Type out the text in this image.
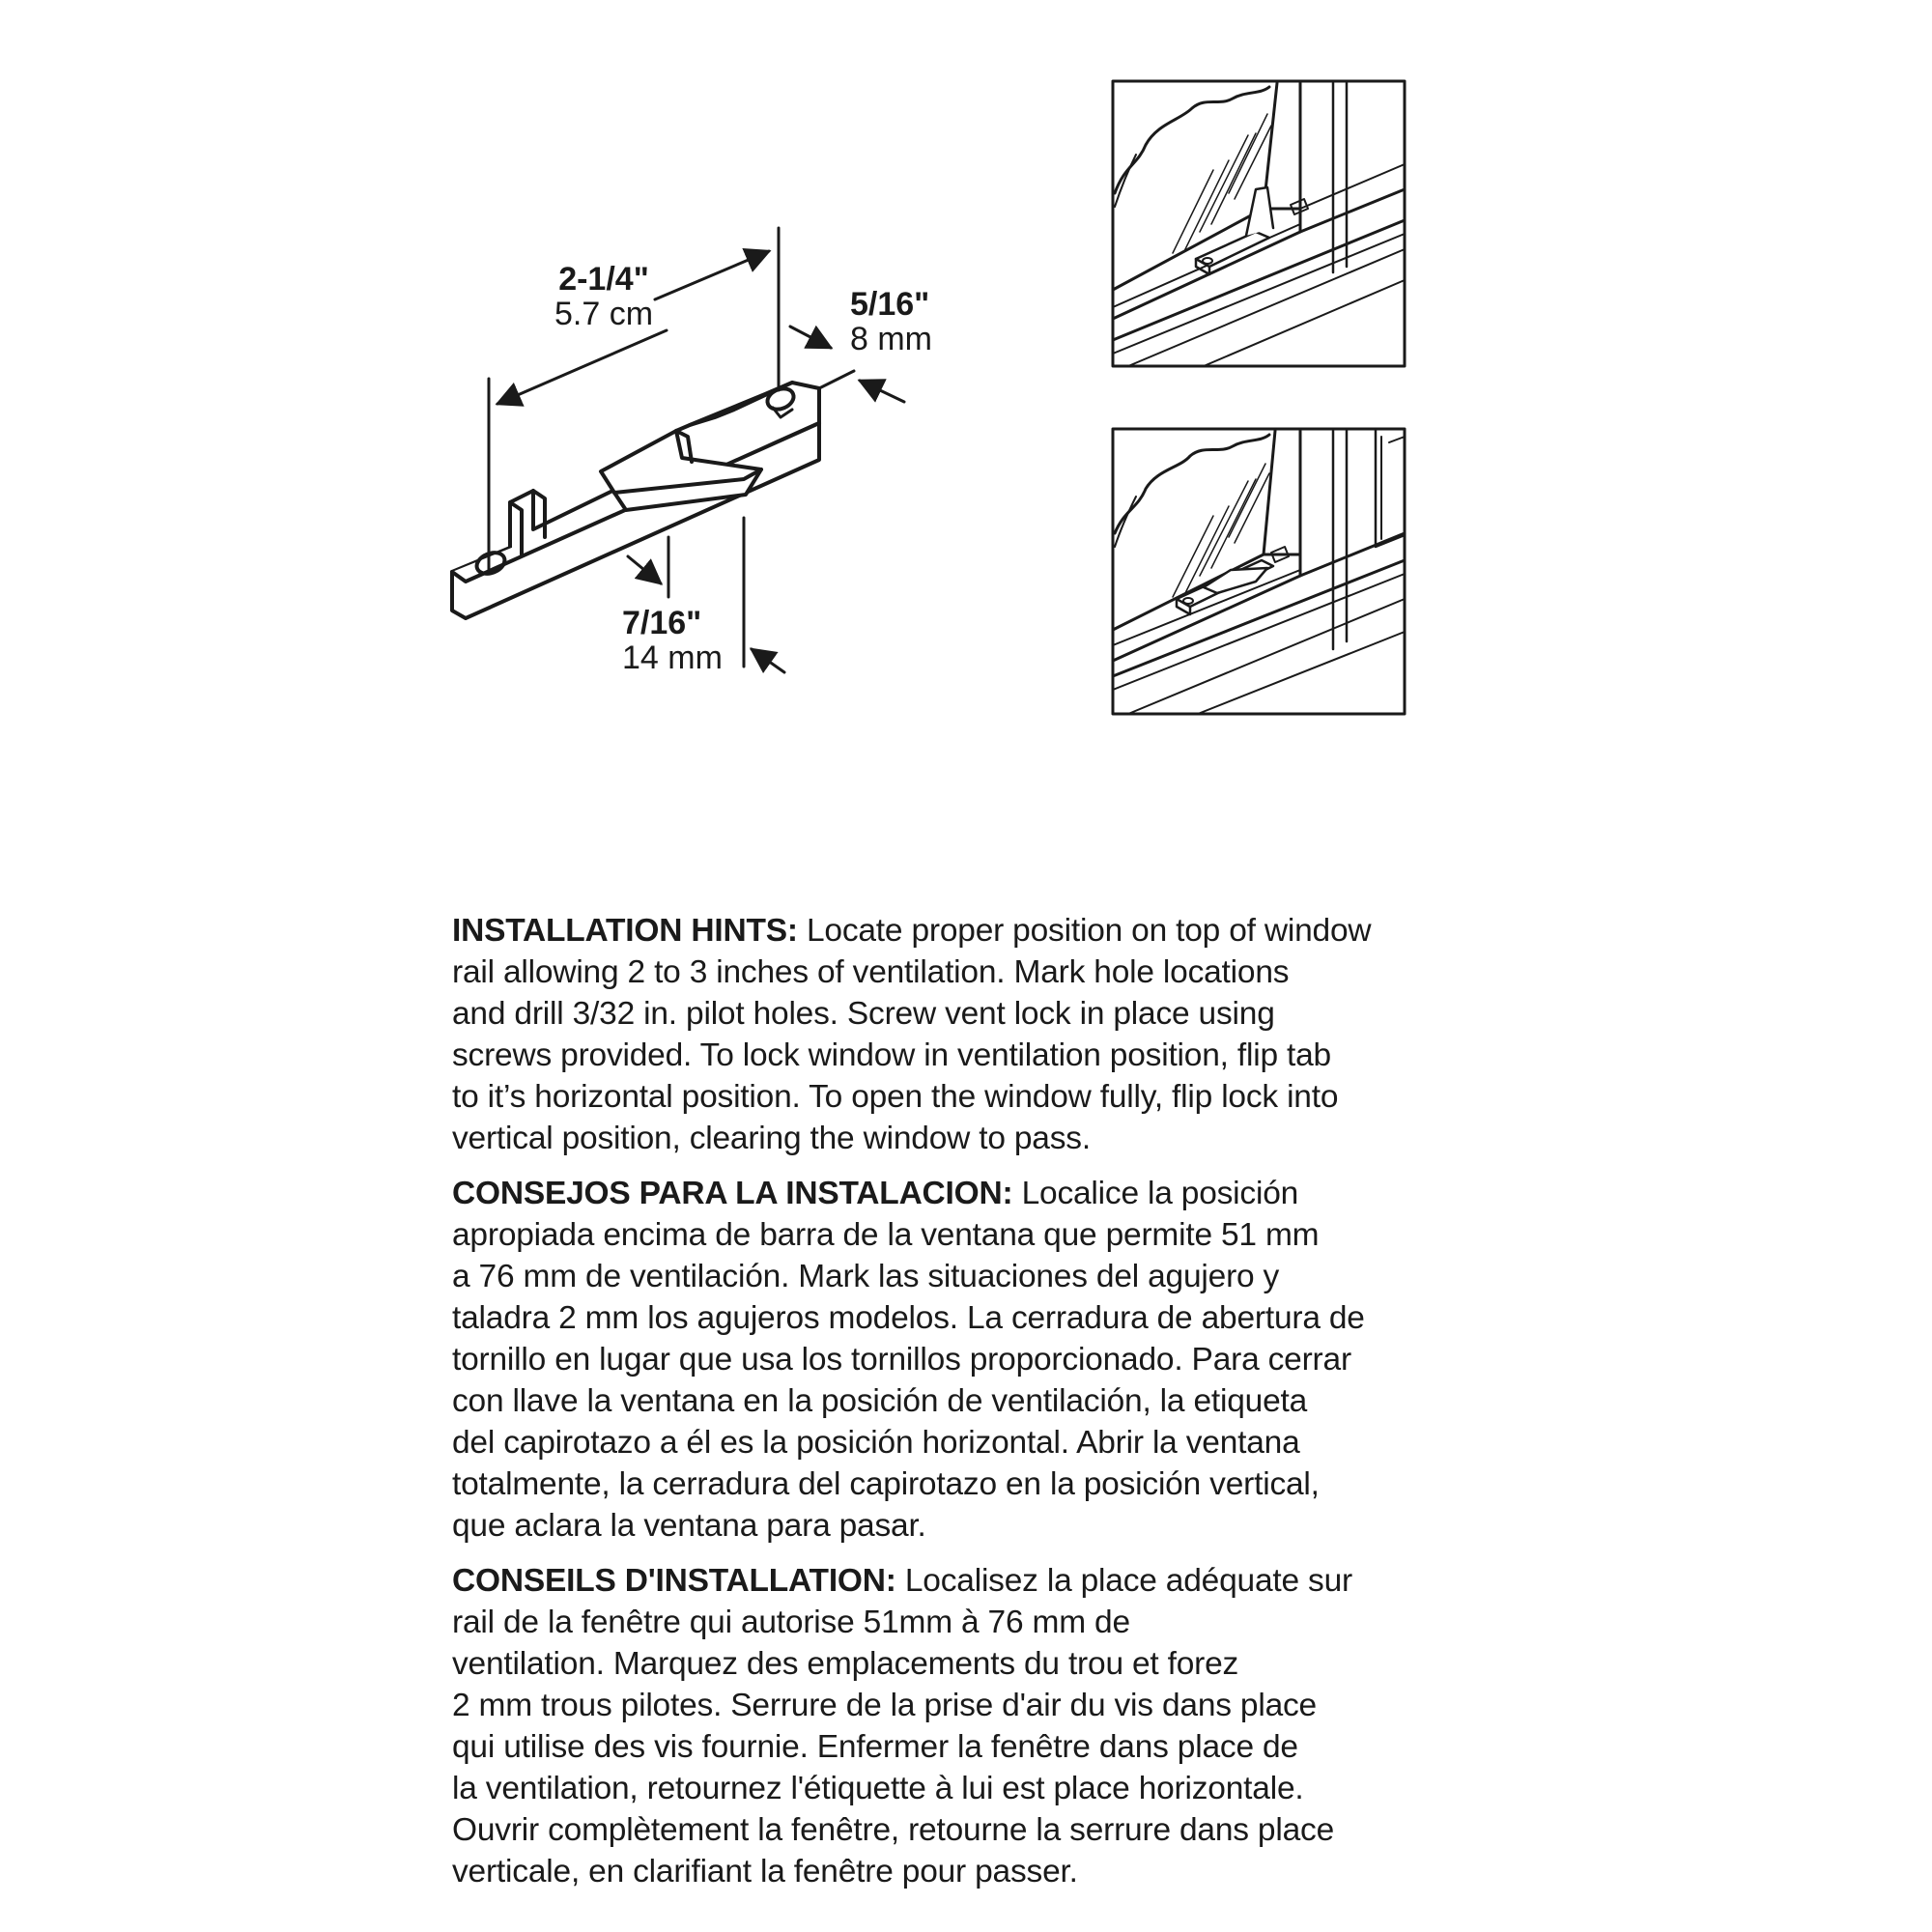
2-1/4"
5.7 cm	5/16"
8 mm
7/16"
14 mm

INSTALLATION HINTS: Locate proper position on top of window
rail allowing 2 to 3 inches of ventilation. Mark hole locations
and drill 3/32 in. pilot holes. Screw vent lock in place using
screws provided. To lock window in ventilation position, flip tab
to it’s horizontal position. To open the window fully, flip lock into
vertical position, clearing the window to pass.

CONSEJOS PARA LA INSTALACION: Localice la posición
apropiada encima de barra de la ventana que permite 51 mm
a 76 mm de ventilación. Mark las situaciones del agujero y
taladra 2 mm los agujeros modelos. La cerradura de abertura de
tornillo en lugar que usa los tornillos proporcionado. Para cerrar
con llave la ventana en la posición de ventilación, la etiqueta
del capirotazo a él es la posición horizontal. Abrir la ventana
totalmente, la cerradura del capirotazo en la posición vertical,
que aclara la ventana para pasar.

CONSEILS D'INSTALLATION: Localisez la place adéquate sur
rail de la fenêtre qui autorise 51mm à 76 mm de
ventilation. Marquez des emplacements du trou et forez
2 mm trous pilotes. Serrure de la prise d'air du vis dans place
qui utilise des vis fournie. Enfermer la fenêtre dans place de
la ventilation, retournez l'étiquette à lui est place horizontale.
Ouvrir complètement la fenêtre, retourne la serrure dans place
verticale, en clarifiant la fenêtre pour passer.
